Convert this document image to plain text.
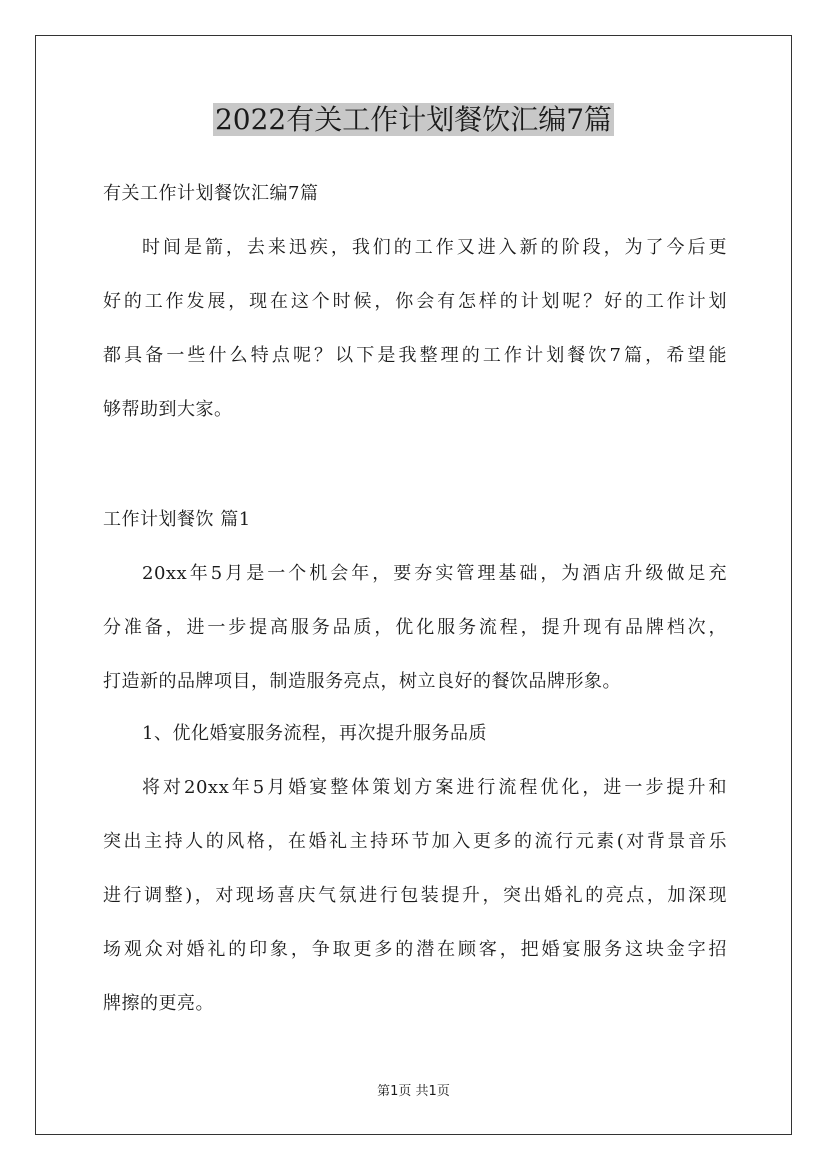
2022有关工作计划餐饮汇编7篇
有关工作计划餐饮汇编7篇
时间是箭，去来迅疾，我们的工作又进入新的阶段，为了今后更
好的工作发展，现在这个时候，你会有怎样的计划呢？好的工作计划
都具备一些什么特点呢？以下是我整理的工作计划餐饮7篇，希望能
够帮助到大家。
工作计划餐饮 篇1
20xx年5月是一个机会年，要夯实管理基础，为酒店升级做足充
分准备，进一步提高服务品质，优化服务流程，提升现有品牌档次，
打造新的品牌项目，制造服务亮点，树立良好的餐饮品牌形象。
1、优化婚宴服务流程，再次提升服务品质
将对20xx年5月婚宴整体策划方案进行流程优化，进一步提升和
突出主持人的风格，在婚礼主持环节加入更多的流行元素(对背景音乐
进行调整)，对现场喜庆气氛进行包装提升，突出婚礼的亮点，加深现
场观众对婚礼的印象，争取更多的潜在顾客，把婚宴服务这块金字招
牌擦的更亮。
第1页 共1页
